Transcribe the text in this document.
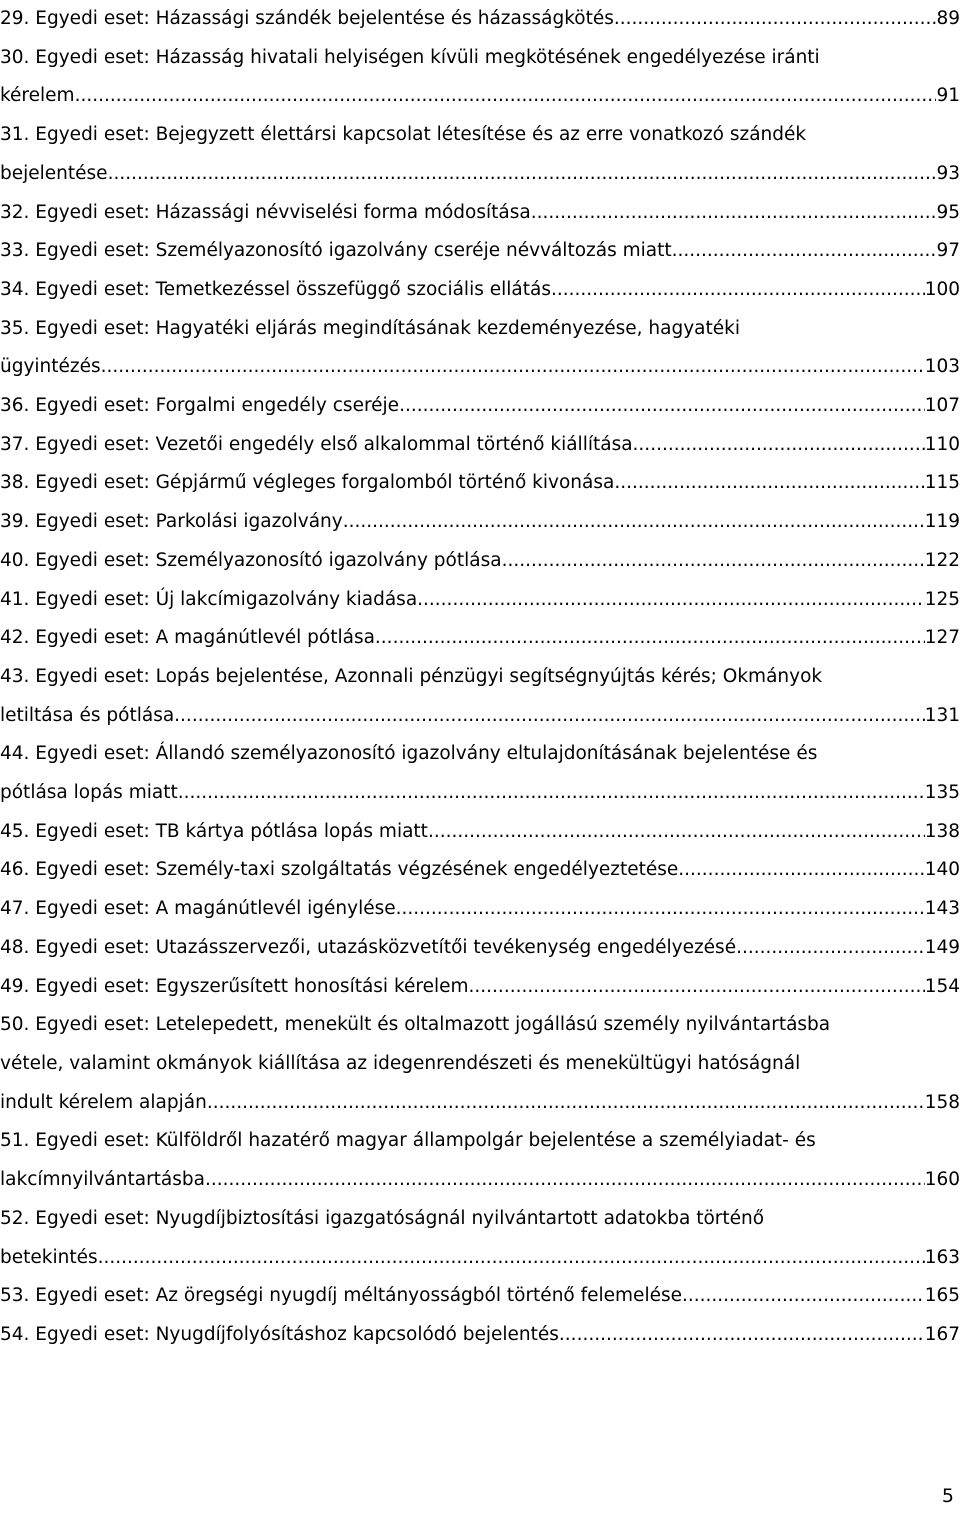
29. Egyedi eset: Házassági szándék bejelentése és házasságkötés .....	89
30. Egyedi eset: Házasság hivatali helyiségen kívüli megkötésének engedélyezése iránti
kérelem .....	91
31. Egyedi eset: Bejegyzett élettársi kapcsolat létesítése és az erre vonatkozó szándék
bejelentése .....	93
32. Egyedi eset: Házassági névviselési forma módosítása .....	95
33. Egyedi eset: Személyazonosító igazolvány cseréje névváltozás miatt .....	97
34. Egyedi eset: Temetkezéssel összefüggő szociális ellátás .....	100
35. Egyedi eset: Hagyatéki eljárás megindításának kezdeményezése, hagyatéki
ügyintézés .....	103
36. Egyedi eset: Forgalmi engedély cseréje .....	107
37. Egyedi eset: Vezetői engedély első alkalommal történő kiállítása .....	110
38. Egyedi eset: Gépjármű végleges forgalomból történő kivonása .....	115
39. Egyedi eset: Parkolási igazolvány .....	119
40. Egyedi eset: Személyazonosító igazolvány pótlása .....	122
41. Egyedi eset: Új lakcímigazolvány kiadása .....	125
42. Egyedi eset: A magánútlevél pótlása .....	127
43. Egyedi eset: Lopás bejelentése, Azonnali pénzügyi segítségnyújtás kérés; Okmányok
letiltása és pótlása .....	131
44. Egyedi eset: Állandó személyazonosító igazolvány eltulajdonításának bejelentése és
pótlása lopás miatt .....	135
45. Egyedi eset: TB kártya pótlása lopás miatt .....	138
46. Egyedi eset: Személy-taxi szolgáltatás végzésének engedélyeztetése .....	140
47. Egyedi eset: A magánútlevél igénylése .....	143
48. Egyedi eset: Utazásszervezői, utazásközvetítői tevékenység engedélyezésé .....	149
49. Egyedi eset: Egyszerűsített honosítási kérelem .....	154
50. Egyedi eset: Letelepedett, menekült és oltalmazott jogállású személy nyilvántartásba
vétele, valamint okmányok kiállítása az idegenrendészeti és menekültügyi hatóságnál
indult kérelem alapján .....	158
51. Egyedi eset: Külföldről hazatérő magyar állampolgár bejelentése a személyiadat- és
lakcímnyilvántartásba .....	160
52. Egyedi eset: Nyugdíjbiztosítási igazgatóságnál nyilvántartott adatokba történő
betekintés .....	163
53. Egyedi eset: Az öregségi nyugdíj méltányosságból történő felemelése .....	165
54. Egyedi eset: Nyugdíjfolyósításhoz kapcsolódó bejelentés .....	167
5
